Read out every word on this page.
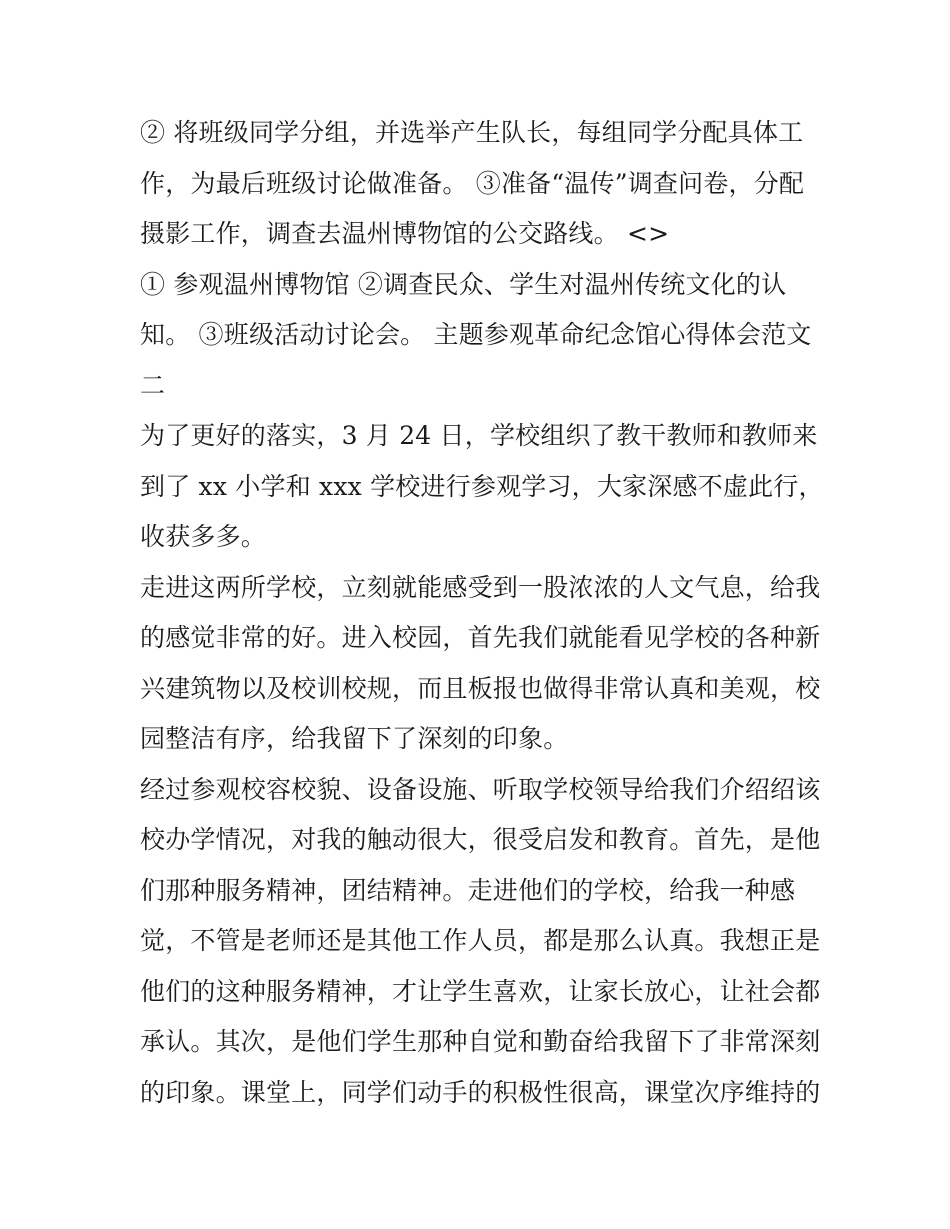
② 将班级同学分组，并选举产生队长，每组同学分配具体工
作，为最后班级讨论做准备。 ③准备“温传”调查问卷，分配
摄影工作，调查去温州博物馆的公交路线。 <>
① 参观温州博物馆 ②调查民众、学生对温州传统文化的认
知。 ③班级活动讨论会。 主题参观革命纪念馆心得体会范文
二
为了更好的落实，3 月 24 日，学校组织了教干教师和教师来
到了 xx 小学和 xxx 学校进行参观学习，大家深感不虚此行，
收获多多。
走进这两所学校，立刻就能感受到一股浓浓的人文气息，给我
的感觉非常的好。进入校园，首先我们就能看见学校的各种新
兴建筑物以及校训校规，而且板报也做得非常认真和美观，校
园整洁有序，给我留下了深刻的印象。
经过参观校容校貌、设备设施、听取学校领导给我们介绍绍该
校办学情况，对我的触动很大，很受启发和教育。首先，是他
们那种服务精神，团结精神。走进他们的学校，给我一种感
觉，不管是老师还是其他工作人员，都是那么认真。我想正是
他们的这种服务精神，才让学生喜欢，让家长放心，让社会都
承认。其次，是他们学生那种自觉和勤奋给我留下了非常深刻
的印象。课堂上，同学们动手的积极性很高，课堂次序维持的
